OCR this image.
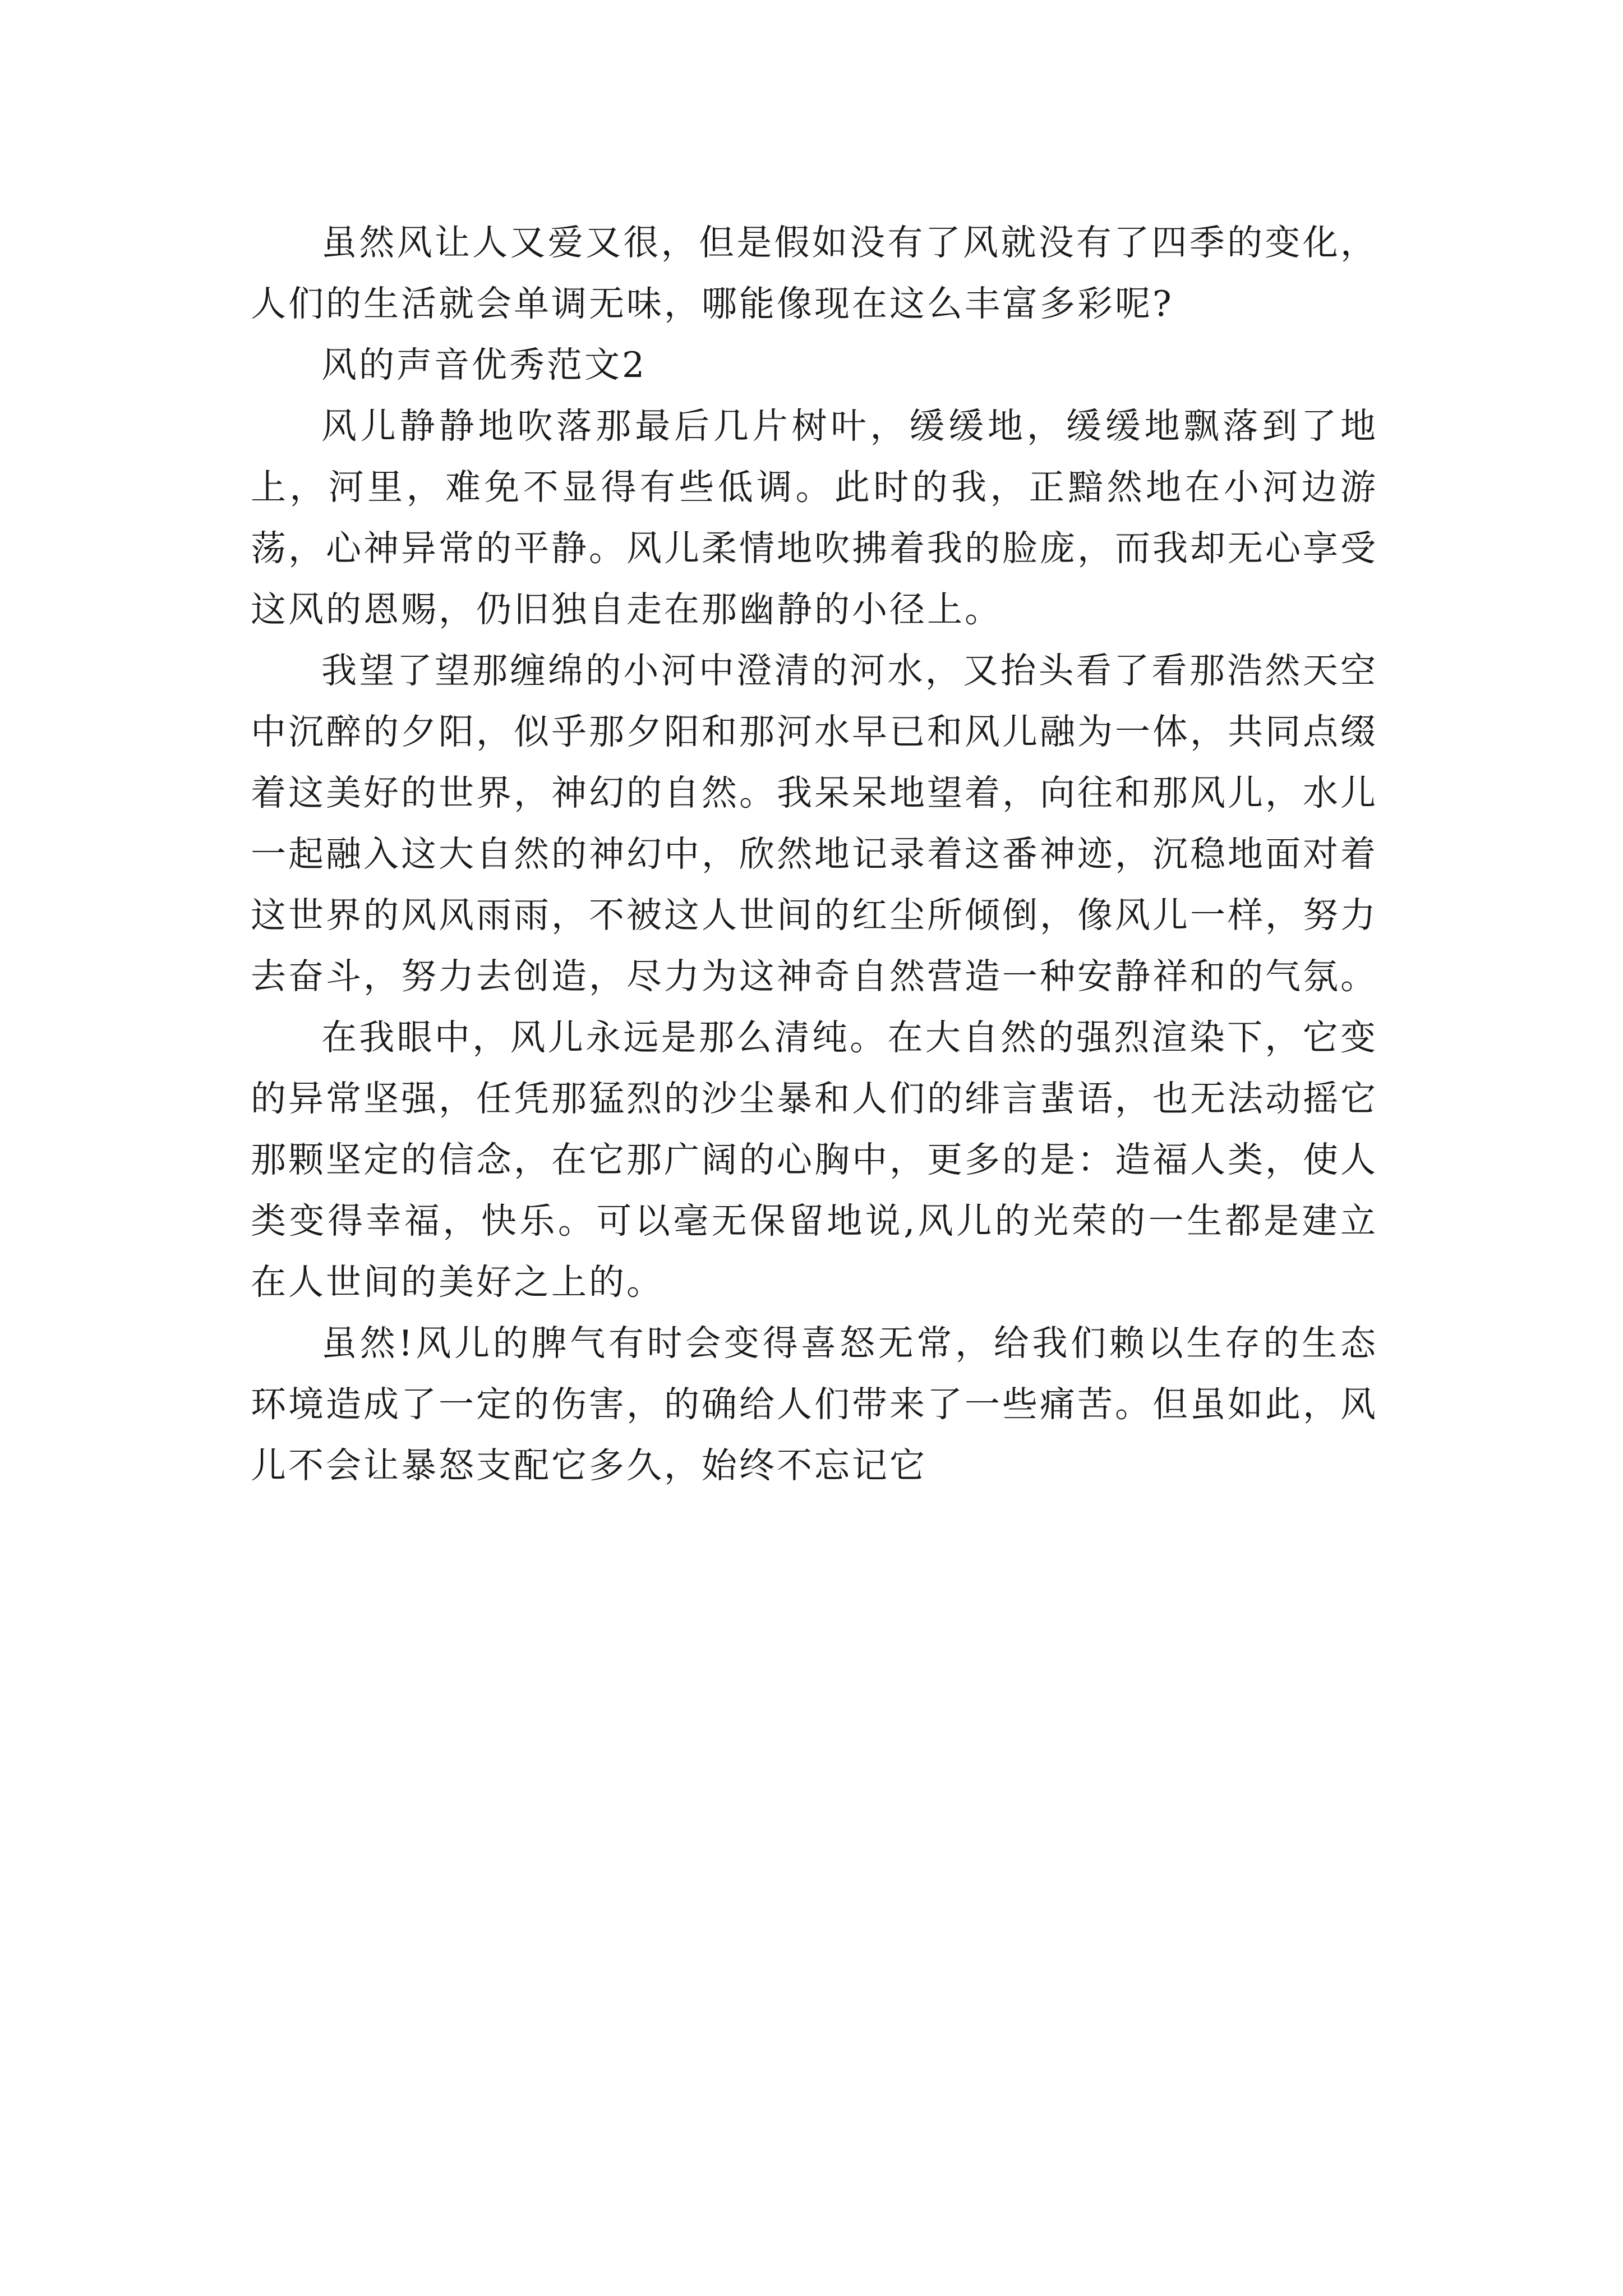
虽然风让人又爱又很，但是假如没有了风就没有了四季的变化，人们的生活就会单调无味，哪能像现在这么丰富多彩呢?

风的声音优秀范文2

风儿静静地吹落那最后几片树叶，缓缓地，缓缓地飘落到了地上，河里，难免不显得有些低调。此时的我，正黯然地在小河边游荡，心神异常的平静。风儿柔情地吹拂着我的脸庞，而我却无心享受这风的恩赐，仍旧独自走在那幽静的小径上。

我望了望那缠绵的小河中澄清的河水，又抬头看了看那浩然天空中沉醉的夕阳，似乎那夕阳和那河水早已和风儿融为一体，共同点缀着这美好的世界，神幻的自然。我呆呆地望着，向往和那风儿，水儿一起融入这大自然的神幻中，欣然地记录着这番神迹，沉稳地面对着这世界的风风雨雨，不被这人世间的红尘所倾倒，像风儿一样，努力去奋斗，努力去创造，尽力为这神奇自然营造一种安静祥和的气氛。

在我眼中，风儿永远是那么清纯。在大自然的强烈渲染下，它变的异常坚强，任凭那猛烈的沙尘暴和人们的绯言蜚语，也无法动摇它那颗坚定的信念，在它那广阔的心胸中，更多的是：造福人类，使人类变得幸福，快乐。可以毫无保留地说,风儿的光荣的一生都是建立在人世间的美好之上的。

虽然!风儿的脾气有时会变得喜怒无常，给我们赖以生存的生态环境造成了一定的伤害，的确给人们带来了一些痛苦。但虽如此，风儿不会让暴怒支配它多久，始终不忘记它
